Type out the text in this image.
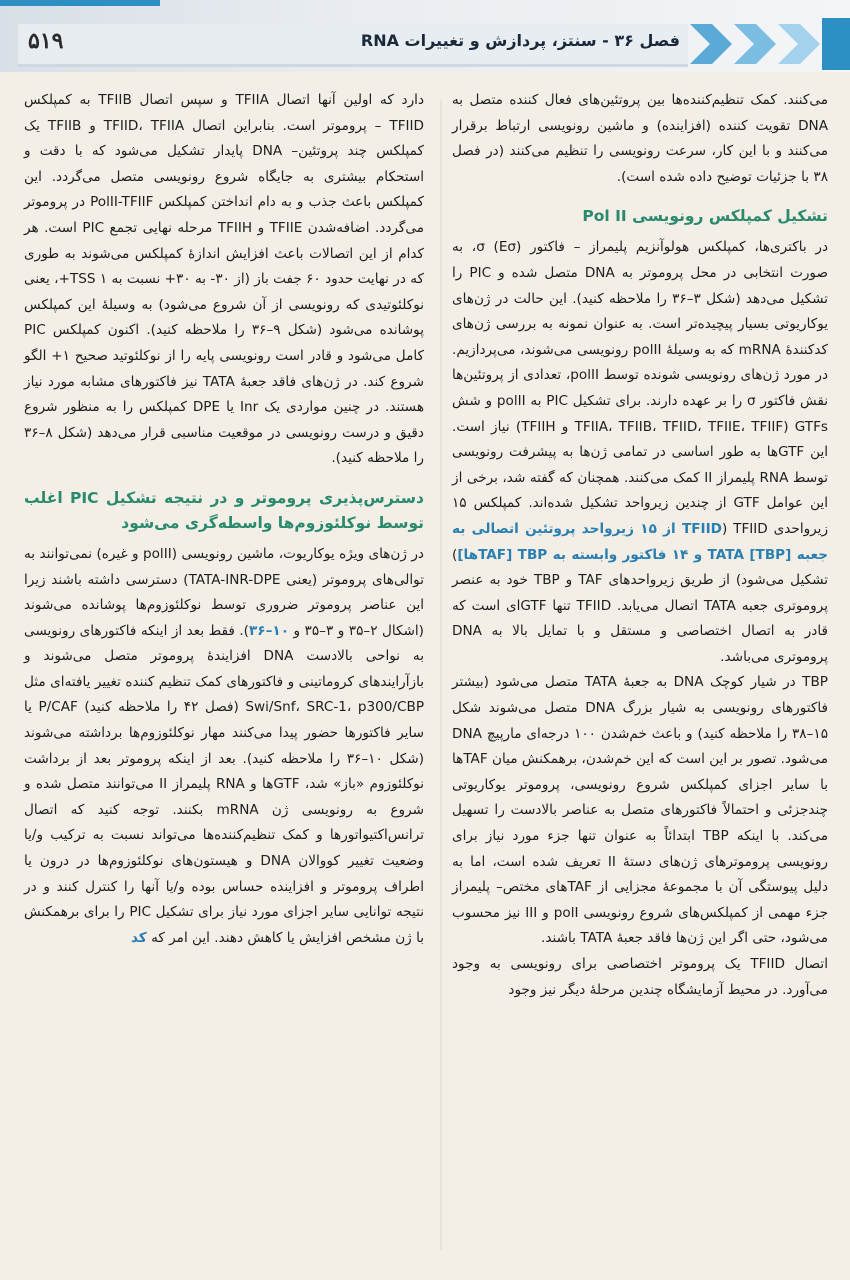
۵۱۹	فصل ۳۶ - سنتز، پردازش و تغییرات RNA

می‌کنند. کمک تنظیم‌کننده‌ها بین پروتئین‌های فعال کننده متصل به DNA تقویت کننده (افزاینده) و ماشین رونویسی ارتباط برقرار می‌کنند و با این کار، سرعت رونویسی را تنظیم می‌کنند (در فصل ۳۸ با جزئیات توضیح داده شده است).

تشکیل کمپلکس رونویسی Pol II

در باکتری‌ها، کمپلکس هولوآنزیم پلیمراز – فاکتور σ (Eσ)، به صورت انتخابی در محل پروموتر به DNA متصل شده و PIC را تشکیل می‌دهد (شکل ۳–۳۶ را ملاحظه کنید). این حالت در ژن‌های یوکاریوتی بسیار پیچیده‌تر است. به عنوان نمونه به بررسی ژن‌های کدکنندهٔ mRNA که به وسیلهٔ polII رونویسی می‌شوند، می‌پردازیم. در مورد ژن‌های رونویسی شونده توسط polII، تعدادی از پروتئین‌ها نقش فاکتور σ را بر عهده دارند. برای تشکیل PIC به polII و شش GTFs (TFIIA، TFIIB، TFIID، TFIIE، TFIIF و TFIIH) نیاز است. این GTFها به طور اساسی در تمامی ژن‌ها به پیشرفت رونویسی توسط RNA پلیمراز II کمک می‌کنند. همچنان که گفته شد، برخی از این عوامل GTF از چندین زیرواحد تشکیل شده‌اند. کمپلکس ۱۵ زیرواحدی TFIID (TFIID از ۱۵ زیرواحد پروتئین اتصالی به جعبه TATA [TBP] و ۱۴ فاکتور وابسته به TBP [TAFها]) تشکیل می‌شود) از طریق زیرواحدهای TAF و TBP خود به عنصر پروموتری جعبه TATA اتصال می‌یابد. TFIID تنها GTFای است که قادر به اتصال اختصاصی و مستقل و با تمایل بالا به DNA پروموتری می‌باشد.

TBP در شیار کوچک DNA به جعبهٔ TATA متصل می‌شود (بیشتر فاکتورهای رونویسی به شیار بزرگ DNA متصل می‌شوند شکل ۱۵–۳۸ را ملاحظه کنید) و باعث خم‌شدن ۱۰۰ درجه‌ای مارپیچ DNA می‌شود. تصور بر این است که این خم‌شدن، برهمکنش میان TAFها با سایر اجزای کمپلکس شروع رونویسی، پروموتر یوکاریوتی چندجزئی و احتمالاً فاکتورهای متصل به عناصر بالادست را تسهیل می‌کند. با اینکه TBP ابتدائاً به عنوان تنها جزء مورد نیاز برای رونویسی پروموترهای ژن‌های دستهٔ II تعریف شده است، اما به دلیل پیوستگی آن با مجموعهٔ مجزایی از TAFهای مختص– پلیمراز جزء مهمی از کمپلکس‌های شروع رونویسی polI و III نیز محسوب می‌شود، حتی اگر این ژن‌ها فاقد جعبهٔ TATA باشند.

اتصال TFIID یک پروموتر اختصاصی برای رونویسی به وجود می‌آورد. در محیط آزمایشگاه چندین مرحلهٔ دیگر نیز وجود

دارد که اولین آنها اتصال TFIIA و سپس اتصال TFIIB به کمپلکس TFIID – پروموتر است. بنابراین اتصال TFIID، TFIIA و TFIIB یک کمپلکس چند پروتئین– DNA پایدار تشکیل می‌شود که با دقت و استحکام بیشتری به جایگاه شروع رونویسی متصل می‌گردد. این کمپلکس باعث جذب و به دام انداختن کمپلکس PolII-TFIIF در پروموتر می‌گردد. اضافه‌شدن TFIIE و TFIIH مرحله نهایی تجمع PIC است. هر کدام از این اتصالات باعث افزایش اندازهٔ کمپلکس می‌شوند به طوری که در نهایت حدود ۶۰ جفت باز (از ۳۰- به ۳۰+ نسبت به TSS ۱+، یعنی نوکلئوتیدی که رونویسی از آن شروع می‌شود) به وسیلهٔ این کمپلکس پوشانده می‌شود (شکل ۹–۳۶ را ملاحظه کنید). اکنون کمپلکس PIC کامل می‌شود و قادر است رونویسی پایه را از نوکلئوتید صحیح ۱+ الگو شروع کند. در ژن‌های فاقد جعبهٔ TATA نیز فاکتورهای مشابه مورد نیاز هستند. در چنین مواردی یک Inr یا DPE کمپلکس را به منظور شروع دقیق و درست رونویسی در موقعیت مناسبی قرار می‌دهد (شکل ۸–۳۶ را ملاحظه کنید).

دسترس‌پذیری پروموتر و در نتیجه تشکیل PIC اغلب توسط نوکلئوزوم‌ها واسطه‌گری می‌شود

در ژن‌های ویژه یوکاریوت، ماشین رونویسی (polII و غیره) نمی‌توانند به توالی‌های پروموتر (یعنی TATA-INR-DPE) دسترسی داشته باشند زیرا این عناصر پروموتر ضروری توسط نوکلئوزوم‌ها پوشانده می‌شوند (اشکال ۲–۳۵ و ۳–۳۵ و ۱۰–۳۶). فقط بعد از اینکه فاکتورهای رونویسی به نواحی بالادست DNA افزایندهٔ پروموتر متصل می‌شوند و بازآرایندهای کروماتینی و فاکتورهای کمک تنظیم کننده تغییر یافته‌ای مثل Swi/Snf، SRC-1، p300/CBP (فصل ۴۲ را ملاحظه کنید) P/CAF یا سایر فاکتورها حضور پیدا می‌کنند مهار نوکلئوزوم‌ها برداشته می‌شوند (شکل ۱۰–۳۶ را ملاحظه کنید). بعد از اینکه پروموتر بعد از برداشت نوکلئوزوم «باز» شد، GTFها و RNA پلیمراز II می‌توانند متصل شده و شروع به رونویسی ژن mRNA بکنند. توجه کنید که اتصال ترانس‌اکتیواتورها و کمک تنظیم‌کننده‌ها می‌تواند نسبت به ترکیب و/یا وضعیت تغییر کووالان DNA و هیستون‌های نوکلئوزوم‌ها در درون یا اطراف پروموتر و افزاینده حساس بوده و/یا آنها را کنترل کنند و در نتیجه توانایی سایر اجزای مورد نیاز برای تشکیل PIC را برای برهمکنش با ژن مشخص افزایش یا کاهش دهند. این امر که کد
